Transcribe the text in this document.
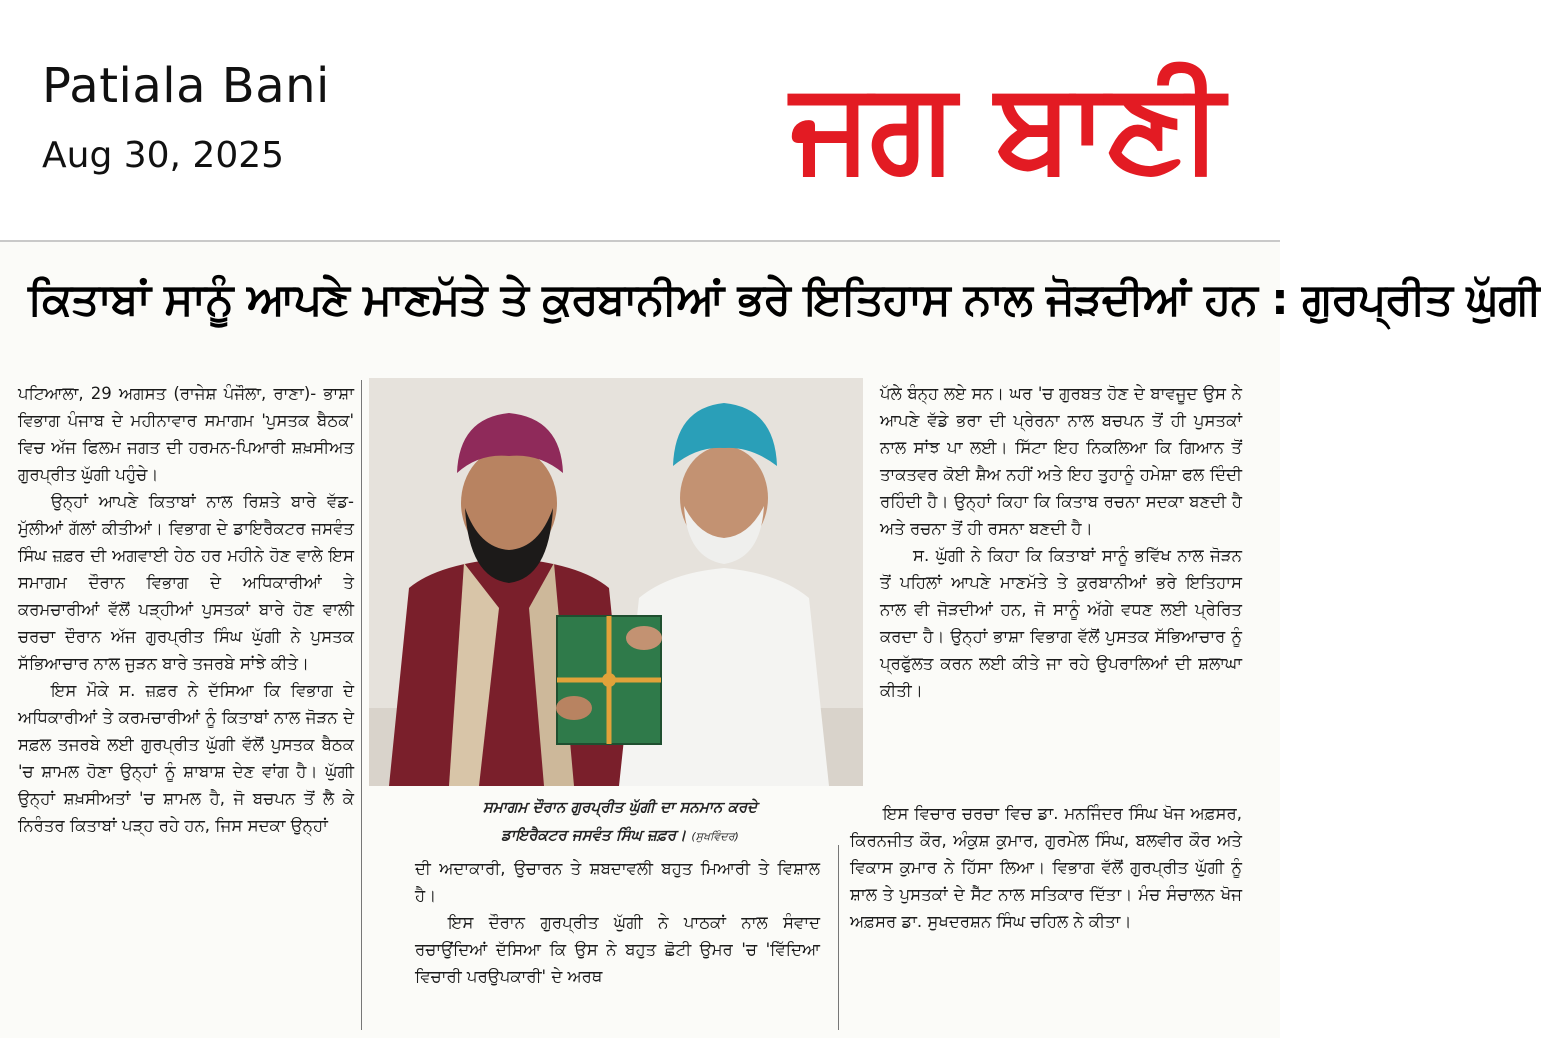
Patiala Bani
Aug 30, 2025	ਜਗ ਬਾਣੀ
ਕਿਤਾਬਾਂ ਸਾਨੂੰ ਆਪਣੇ ਮਾਣਮੱਤੇ ਤੇ ਕੁਰਬਾਨੀਆਂ ਭਰੇ ਇਤਿਹਾਸ ਨਾਲ ਜੋੜਦੀਆਂ ਹਨ : ਗੁਰਪ੍ਰੀਤ ਘੁੱਗੀ

ਪਟਿਆਲਾ, 29 ਅਗਸਤ (ਰਾਜੇਸ਼ ਪੰਜੌਲਾ, ਰਾਣਾ)- ਭਾਸ਼ਾ ਵਿਭਾਗ ਪੰਜਾਬ ਦੇ ਮਹੀਨਾਵਾਰ ਸਮਾਗਮ 'ਪੁਸਤਕ ਬੈਠਕ' ਵਿਚ ਅੱਜ ਫਿਲਮ ਜਗਤ ਦੀ ਹਰਮਨ-ਪਿਆਰੀ ਸ਼ਖ਼ਸੀਅਤ ਗੁਰਪ੍ਰੀਤ ਘੁੱਗੀ ਪਹੁੰਚੇ।

ਉਨ੍ਹਾਂ ਆਪਣੇ ਕਿਤਾਬਾਂ ਨਾਲ ਰਿਸ਼ਤੇ ਬਾਰੇ ਵੱਡ-ਮੁੱਲੀਆਂ ਗੱਲਾਂ ਕੀਤੀਆਂ। ਵਿਭਾਗ ਦੇ ਡਾਇਰੈਕਟਰ ਜਸਵੰਤ ਸਿੰਘ ਜ਼ਫ਼ਰ ਦੀ ਅਗਵਾਈ ਹੇਠ ਹਰ ਮਹੀਨੇ ਹੋਣ ਵਾਲੇ ਇਸ ਸਮਾਗਮ ਦੌਰਾਨ ਵਿਭਾਗ ਦੇ ਅਧਿਕਾਰੀਆਂ ਤੇ ਕਰਮਚਾਰੀਆਂ ਵੱਲੋਂ ਪੜ੍ਹੀਆਂ ਪੁਸਤਕਾਂ ਬਾਰੇ ਹੋਣ ਵਾਲੀ ਚਰਚਾ ਦੌਰਾਨ ਅੱਜ ਗੁਰਪ੍ਰੀਤ ਸਿੰਘ ਘੁੱਗੀ ਨੇ ਪੁਸਤਕ ਸੱਭਿਆਚਾਰ ਨਾਲ ਜੁੜਨ ਬਾਰੇ ਤਜਰਬੇ ਸਾਂਝੇ ਕੀਤੇ।

ਇਸ ਮੌਕੇ ਸ. ਜ਼ਫ਼ਰ ਨੇ ਦੱਸਿਆ ਕਿ ਵਿਭਾਗ ਦੇ ਅਧਿਕਾਰੀਆਂ ਤੇ ਕਰਮਚਾਰੀਆਂ ਨੂੰ ਕਿਤਾਬਾਂ ਨਾਲ ਜੋੜਨ ਦੇ ਸਫ਼ਲ ਤਜਰਬੇ ਲਈ ਗੁਰਪ੍ਰੀਤ ਘੁੱਗੀ ਵੱਲੋਂ ਪੁਸਤਕ ਬੈਠਕ 'ਚ ਸ਼ਾਮਲ ਹੋਣਾ ਉਨ੍ਹਾਂ ਨੂੰ ਸ਼ਾਬਾਸ਼ ਦੇਣ ਵਾਂਗ ਹੈ। ਘੁੱਗੀ ਉਨ੍ਹਾਂ ਸ਼ਖ਼ਸੀਅਤਾਂ 'ਚ ਸ਼ਾਮਲ ਹੈ, ਜੋ ਬਚਪਨ ਤੋਂ ਲੈ ਕੇ ਨਿਰੰਤਰ ਕਿਤਾਬਾਂ ਪੜ੍ਹ ਰਹੇ ਹਨ, ਜਿਸ ਸਦਕਾ ਉਨ੍ਹਾਂ

ਸਮਾਗਮ ਦੌਰਾਨ ਗੁਰਪ੍ਰੀਤ ਘੁੱਗੀ ਦਾ ਸਨਮਾਨ ਕਰਦੇ
ਡਾਇਰੈਕਟਰ ਜਸਵੰਤ ਸਿੰਘ ਜ਼ਫ਼ਰ। (ਸੁਖਵਿੰਦਰ)

ਦੀ ਅਦਾਕਾਰੀ, ਉਚਾਰਨ ਤੇ ਸ਼ਬਦਾਵਲੀ ਬਹੁਤ ਮਿਆਰੀ ਤੇ ਵਿਸ਼ਾਲ ਹੈ।

ਇਸ ਦੌਰਾਨ ਗੁਰਪ੍ਰੀਤ ਘੁੱਗੀ ਨੇ ਪਾਠਕਾਂ ਨਾਲ ਸੰਵਾਦ ਰਚਾਉਂਦਿਆਂ ਦੱਸਿਆ ਕਿ ਉਸ ਨੇ ਬਹੁਤ ਛੋਟੀ ਉਮਰ 'ਚ 'ਵਿੱਦਿਆ ਵਿਚਾਰੀ ਪਰਉਪਕਾਰੀ' ਦੇ ਅਰਥ

ਪੱਲੇ ਬੰਨ੍ਹ ਲਏ ਸਨ। ਘਰ 'ਚ ਗੁਰਬਤ ਹੋਣ ਦੇ ਬਾਵਜੂਦ ਉਸ ਨੇ ਆਪਣੇ ਵੱਡੇ ਭਰਾ ਦੀ ਪ੍ਰੇਰਨਾ ਨਾਲ ਬਚਪਨ ਤੋਂ ਹੀ ਪੁਸਤਕਾਂ ਨਾਲ ਸਾਂਝ ਪਾ ਲਈ। ਸਿੱਟਾ ਇਹ ਨਿਕਲਿਆ ਕਿ ਗਿਆਨ ਤੋਂ ਤਾਕਤਵਰ ਕੋਈ ਸ਼ੈਅ ਨਹੀਂ ਅਤੇ ਇਹ ਤੁਹਾਨੂੰ ਹਮੇਸ਼ਾ ਫਲ ਦਿੰਦੀ ਰਹਿੰਦੀ ਹੈ। ਉਨ੍ਹਾਂ ਕਿਹਾ ਕਿ ਕਿਤਾਬ ਰਚਨਾ ਸਦਕਾ ਬਣਦੀ ਹੈ ਅਤੇ ਰਚਨਾ ਤੋਂ ਹੀ ਰਸਨਾ ਬਣਦੀ ਹੈ।

ਸ. ਘੁੱਗੀ ਨੇ ਕਿਹਾ ਕਿ ਕਿਤਾਬਾਂ ਸਾਨੂੰ ਭਵਿੱਖ ਨਾਲ ਜੋੜਨ ਤੋਂ ਪਹਿਲਾਂ ਆਪਣੇ ਮਾਣਮੱਤੇ ਤੇ ਕੁਰਬਾਨੀਆਂ ਭਰੇ ਇਤਿਹਾਸ ਨਾਲ ਵੀ ਜੋੜਦੀਆਂ ਹਨ, ਜੋ ਸਾਨੂੰ ਅੱਗੇ ਵਧਣ ਲਈ ਪ੍ਰੇਰਿਤ ਕਰਦਾ ਹੈ। ਉਨ੍ਹਾਂ ਭਾਸ਼ਾ ਵਿਭਾਗ ਵੱਲੋਂ ਪੁਸਤਕ ਸੱਭਿਆਚਾਰ ਨੂੰ ਪ੍ਰਫੁੱਲਤ ਕਰਨ ਲਈ ਕੀਤੇ ਜਾ ਰਹੇ ਉਪਰਾਲਿਆਂ ਦੀ ਸ਼ਲਾਘਾ ਕੀਤੀ।

ਇਸ ਵਿਚਾਰ ਚਰਚਾ ਵਿਚ ਡਾ. ਮਨਜਿੰਦਰ ਸਿੰਘ ਖੋਜ ਅਫ਼ਸਰ, ਕਿਰਨਜੀਤ ਕੌਰ, ਅੰਕੁਸ਼ ਕੁਮਾਰ, ਗੁਰਮੇਲ ਸਿੰਘ, ਬਲਵੀਰ ਕੌਰ ਅਤੇ ਵਿਕਾਸ ਕੁਮਾਰ ਨੇ ਹਿੱਸਾ ਲਿਆ। ਵਿਭਾਗ ਵੱਲੋਂ ਗੁਰਪ੍ਰੀਤ ਘੁੱਗੀ ਨੂੰ ਸ਼ਾਲ ਤੇ ਪੁਸਤਕਾਂ ਦੇ ਸੈੱਟ ਨਾਲ ਸਤਿਕਾਰ ਦਿੱਤਾ। ਮੰਚ ਸੰਚਾਲਨ ਖੋਜ ਅਫ਼ਸਰ ਡਾ. ਸੁਖਦਰਸ਼ਨ ਸਿੰਘ ਚਹਿਲ ਨੇ ਕੀਤਾ।
